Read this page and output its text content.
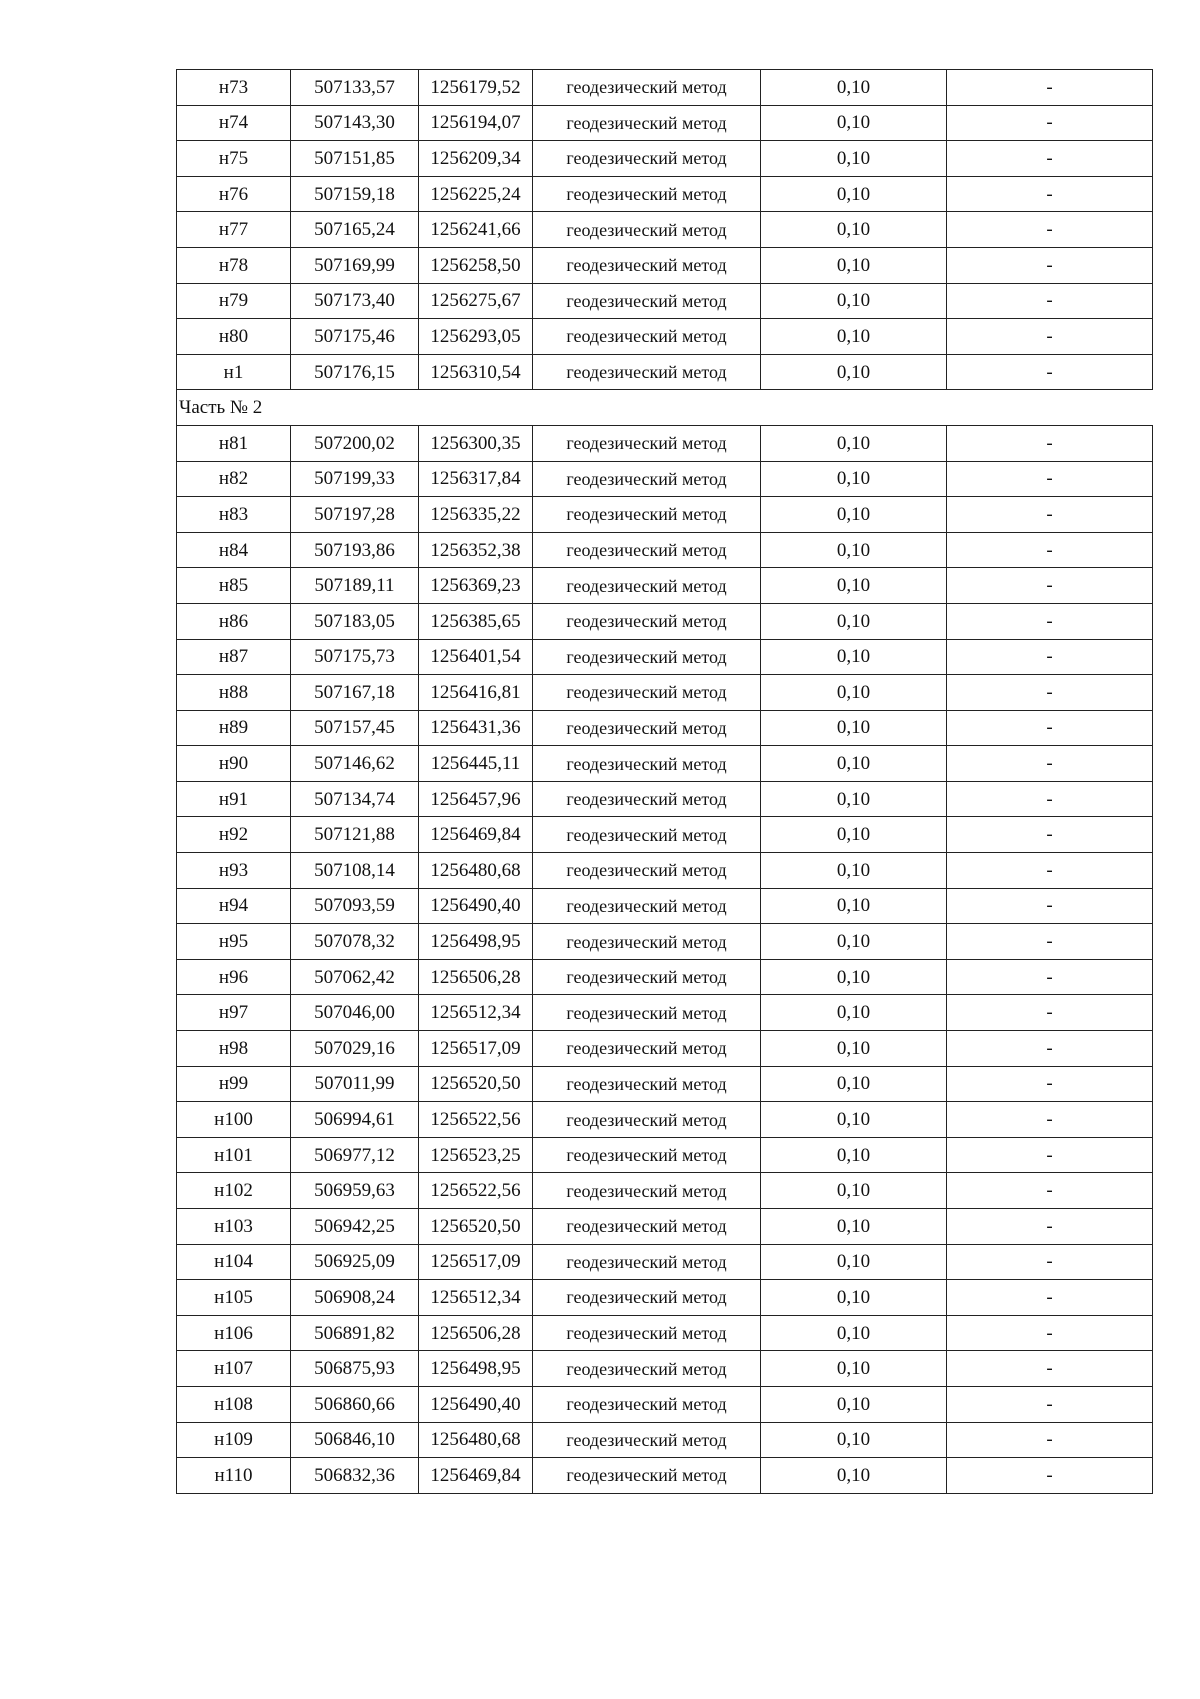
н73	507133,57	1256179,52	геодезический метод	0,10	-
н74	507143,30	1256194,07	геодезический метод	0,10	-
н75	507151,85	1256209,34	геодезический метод	0,10	-
н76	507159,18	1256225,24	геодезический метод	0,10	-
н77	507165,24	1256241,66	геодезический метод	0,10	-
н78	507169,99	1256258,50	геодезический метод	0,10	-
н79	507173,40	1256275,67	геодезический метод	0,10	-
н80	507175,46	1256293,05	геодезический метод	0,10	-
н1	507176,15	1256310,54	геодезический метод	0,10	-
Часть № 2					
н81	507200,02	1256300,35	геодезический метод	0,10	-
н82	507199,33	1256317,84	геодезический метод	0,10	-
н83	507197,28	1256335,22	геодезический метод	0,10	-
н84	507193,86	1256352,38	геодезический метод	0,10	-
н85	507189,11	1256369,23	геодезический метод	0,10	-
н86	507183,05	1256385,65	геодезический метод	0,10	-
н87	507175,73	1256401,54	геодезический метод	0,10	-
н88	507167,18	1256416,81	геодезический метод	0,10	-
н89	507157,45	1256431,36	геодезический метод	0,10	-
н90	507146,62	1256445,11	геодезический метод	0,10	-
н91	507134,74	1256457,96	геодезический метод	0,10	-
н92	507121,88	1256469,84	геодезический метод	0,10	-
н93	507108,14	1256480,68	геодезический метод	0,10	-
н94	507093,59	1256490,40	геодезический метод	0,10	-
н95	507078,32	1256498,95	геодезический метод	0,10	-
н96	507062,42	1256506,28	геодезический метод	0,10	-
н97	507046,00	1256512,34	геодезический метод	0,10	-
н98	507029,16	1256517,09	геодезический метод	0,10	-
н99	507011,99	1256520,50	геодезический метод	0,10	-
н100	506994,61	1256522,56	геодезический метод	0,10	-
н101	506977,12	1256523,25	геодезический метод	0,10	-
н102	506959,63	1256522,56	геодезический метод	0,10	-
н103	506942,25	1256520,50	геодезический метод	0,10	-
н104	506925,09	1256517,09	геодезический метод	0,10	-
н105	506908,24	1256512,34	геодезический метод	0,10	-
н106	506891,82	1256506,28	геодезический метод	0,10	-
н107	506875,93	1256498,95	геодезический метод	0,10	-
н108	506860,66	1256490,40	геодезический метод	0,10	-
н109	506846,10	1256480,68	геодезический метод	0,10	-
н110	506832,36	1256469,84	геодезический метод	0,10	-
